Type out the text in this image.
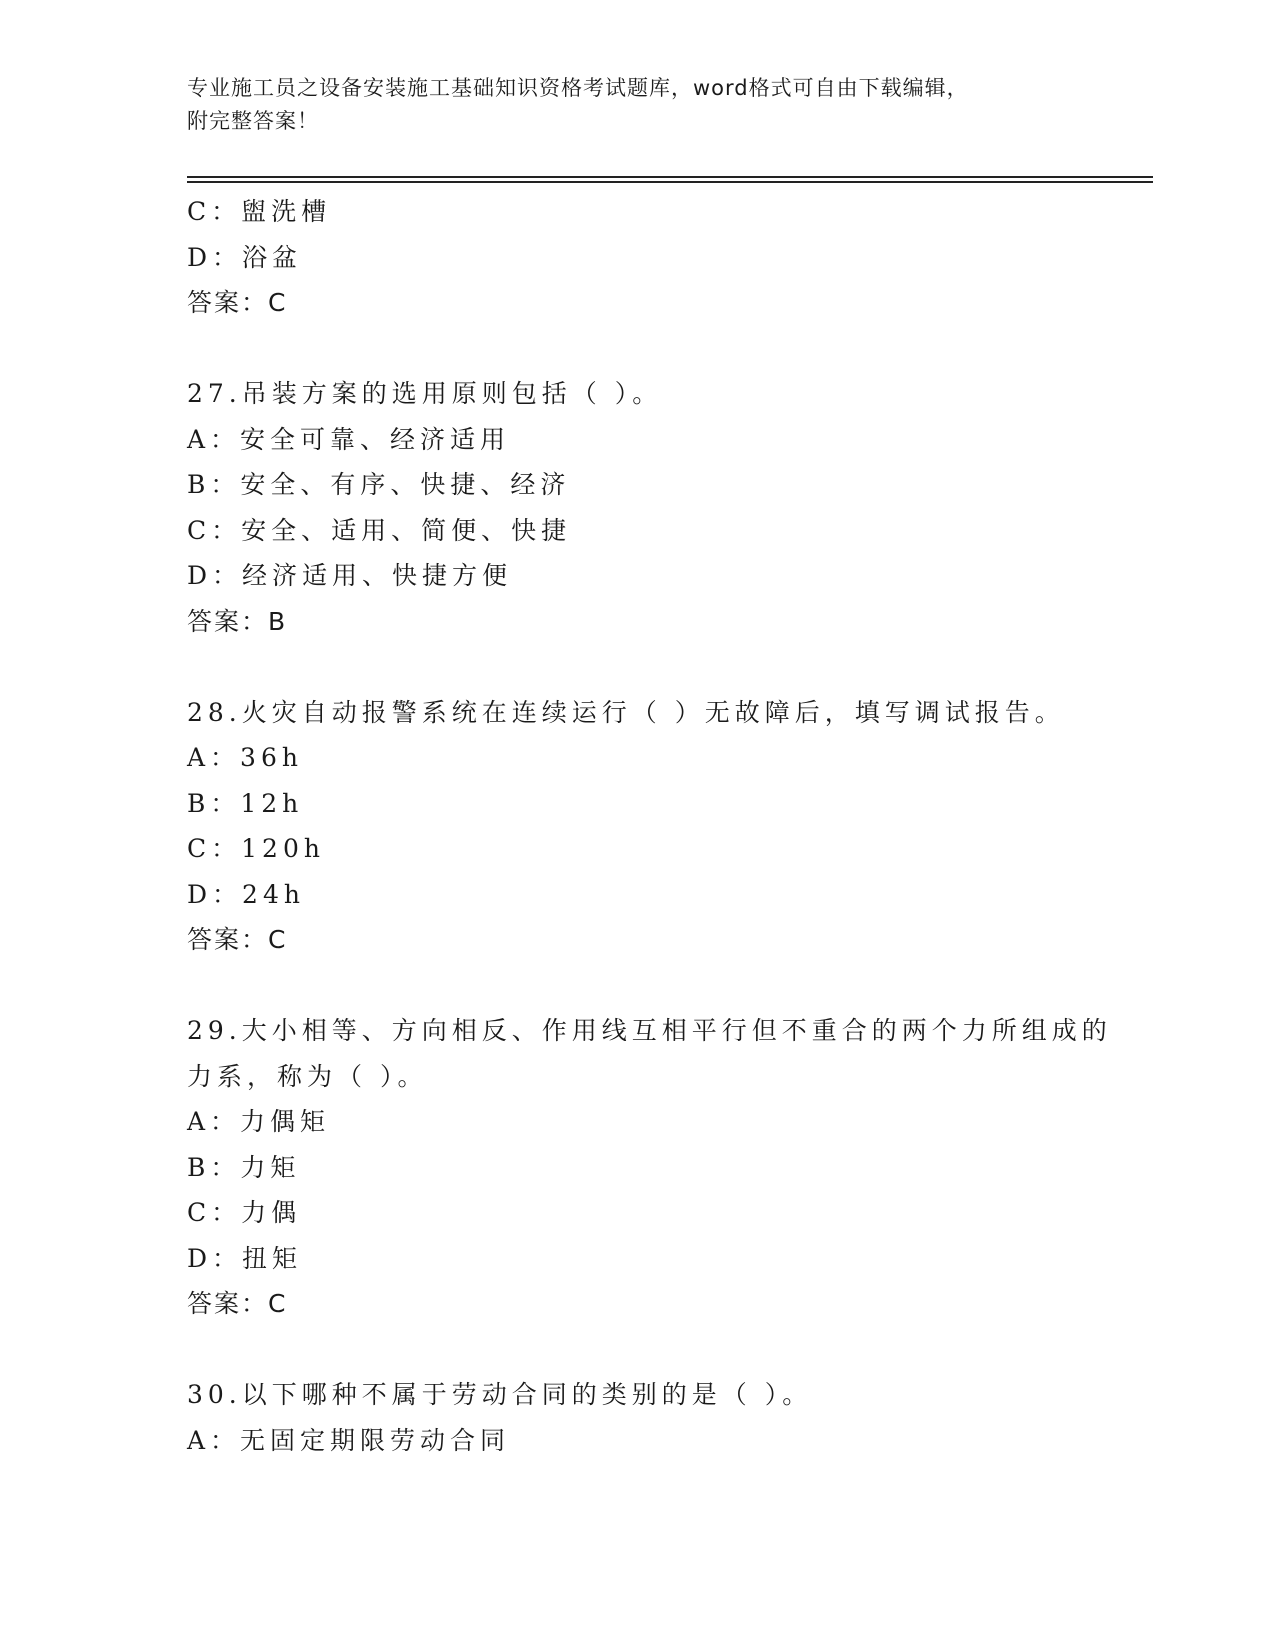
专业施工员之设备安装施工基础知识资格考试题库，word格式可自由下载编辑，
附完整答案！
C：盥洗槽
D：浴盆
答案：C
27.吊装方案的选用原则包括（ ）。
A：安全可靠、经济适用
B：安全、有序、快捷、经济
C：安全、适用、简便、快捷
D：经济适用、快捷方便
答案：B
28.火灾自动报警系统在连续运行（ ）无故障后，填写调试报告。
A：36h
B：12h
C：120h
D：24h
答案：C
29.大小相等、方向相反、作用线互相平行但不重合的两个力所组成的
力系，称为（ ）。
A：力偶矩
B：力矩
C：力偶
D：扭矩
答案：C
30.以下哪种不属于劳动合同的类别的是（ ）。
A：无固定期限劳动合同
